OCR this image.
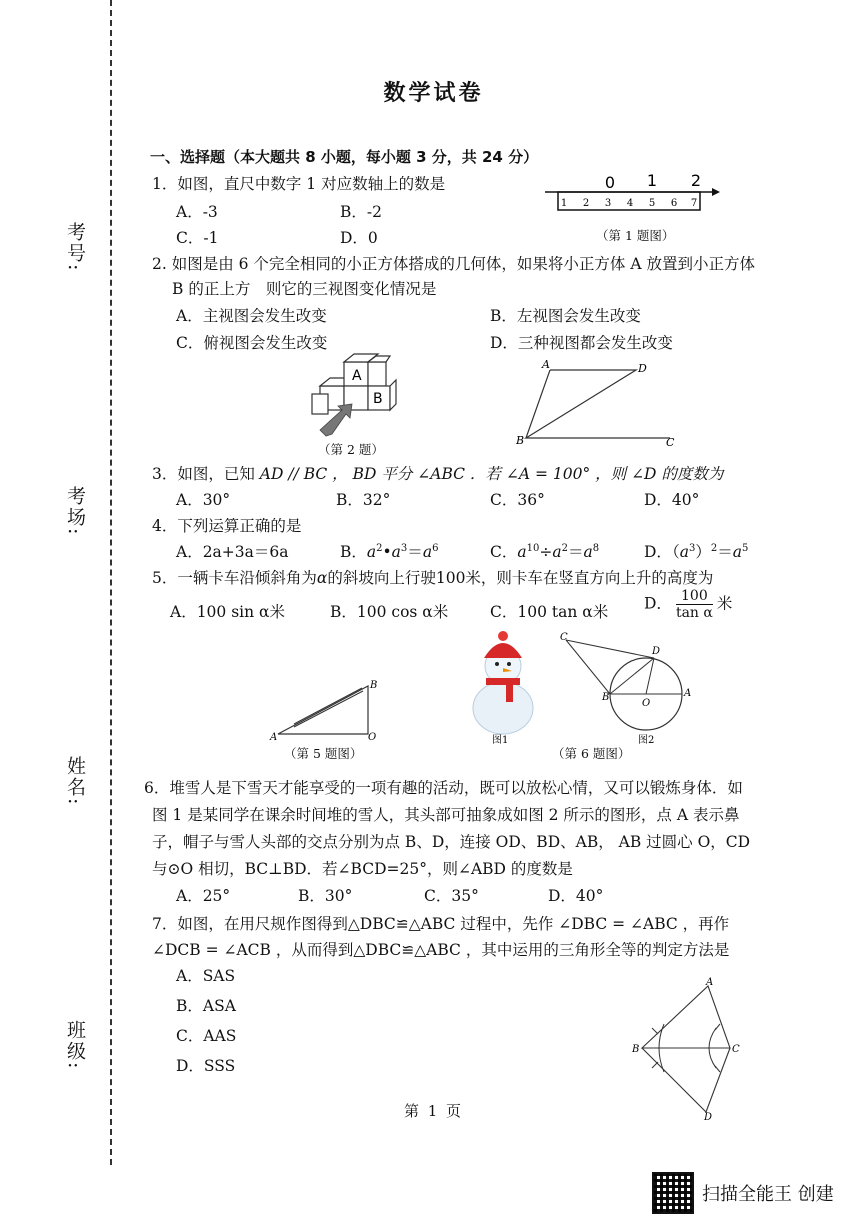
考号:
考场:
姓名:
班级:
数学试卷
一、选择题（本大题共 8 小题，每小题 3 分，共 24 分）
1．如图，直尺中数字 1 对应数轴上的数是
A．-3	B．-2
C．-1	D．0
1 2 3 4 5 6 7
0 1 2
（第 1 题图）
2. 如图是由 6 个完全相同的小正方体搭成的几何体，如果将小正方体 A 放置到小正方体
B 的正上方　则它的三视图变化情况是
A．主视图会发生改变	B．左视图会发生改变
C．俯视图会发生改变	D．三种视图都会发生改变
A
B
（第 2 题）
A	D
B	C
3．如图，已知 AD // BC ， BD 平分 ∠ABC ．若 ∠A = 100° ，则 ∠D 的度数为
A．30°	B．32°	C．36°	D．40°
4．下列运算正确的是
A．2a+3a＝6a	B．$a^2•a^3=a^6$	C．$a^{10}\div a^2=a^8$	D．$(a^3)^2=a^5$
5．一辆卡车沿倾斜角为α的斜坡向上行驶100米，则卡车在竖直方向上升的高度为
A．100 sin α米	B．100 cos α米	C．100 tan α米 D． $\frac{100}{\text{tan α}}$ 米
A
B
O
（第 5 题图）
图1
C
D
B
O
A
图2
（第 6 题图）
6．堆雪人是下雪天才能享受的一项有趣的活动，既可以放松心情，又可以锻炼身体．如
图 1 是某同学在课余时间堆的雪人，其头部可抽象成如图 2 所示的图形，点 A 表示鼻
子，帽子与雪人头部的交点分别为点 B、D，连接 OD、BD、AB， AB 过圆心 O，CD
与⊙O 相切，BC⊥BD．若∠BCD=25°，则∠ABD 的度数是
A．25°	B．30°	C．35°	D．40°
7．如图，在用尺规作图得到△DBC≌△ABC 过程中，先作 ∠DBC = ∠ABC ，再作
∠DCB = ∠ACB ，从而得到△DBC≌△ABC ，其中运用的三角形全等的判定方法是
A．SAS
B．ASA
C．AAS
D．SSS
A
B	C
D
第 1 页
扫描全能王 创建
